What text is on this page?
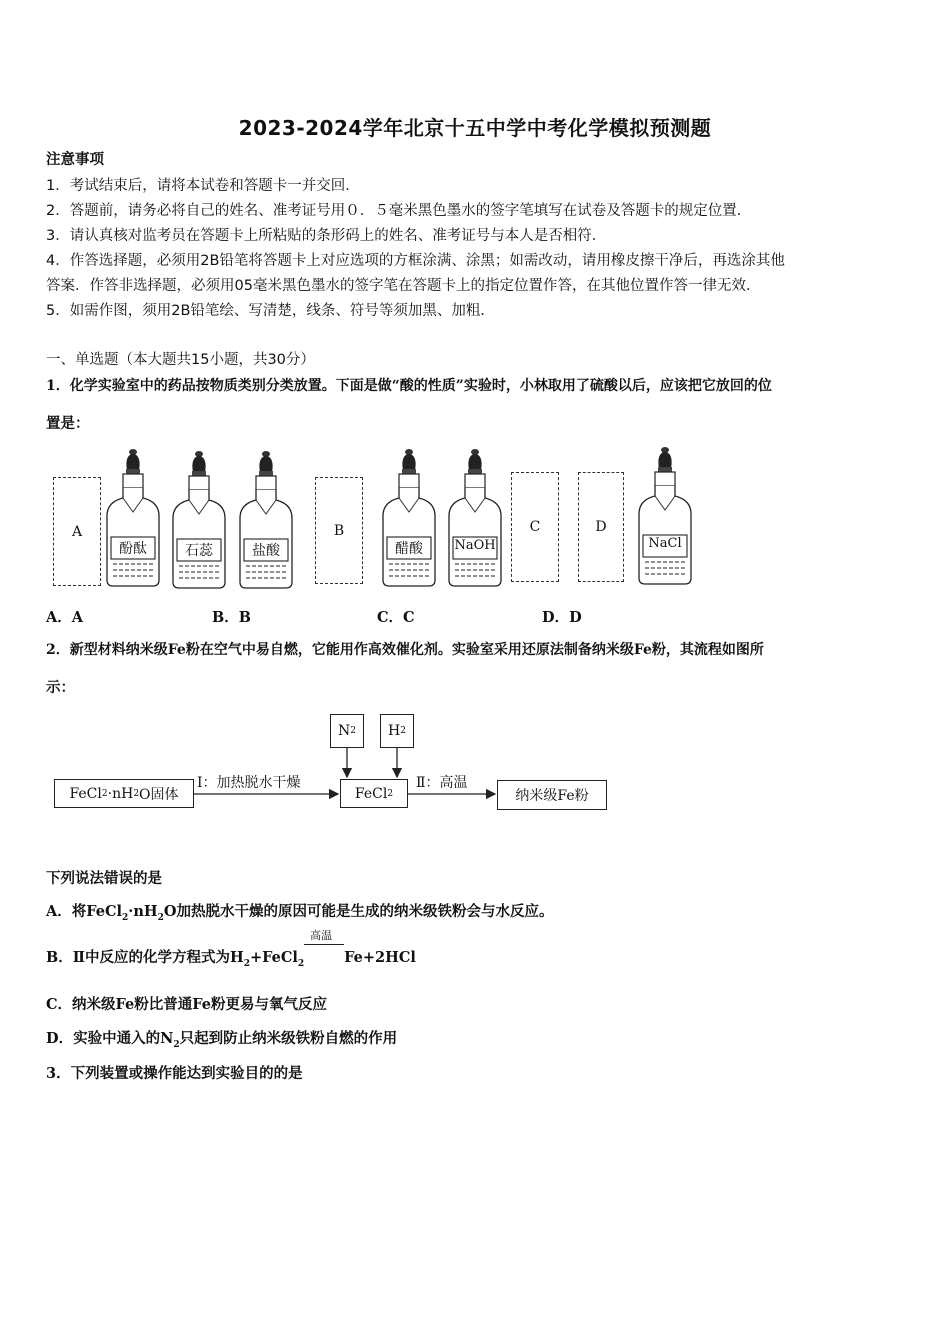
2023-2024学年北京十五中学中考化学模拟预测题
注意事项
1．考试结束后，请将本试卷和答题卡一并交回．
2．答题前，请务必将自己的姓名、准考证号用０．５毫米黑色墨水的签字笔填写在试卷及答题卡的规定位置．
3．请认真核对监考员在答题卡上所粘贴的条形码上的姓名、准考证号与本人是否相符．
4．作答选择题，必须用2B铅笔将答题卡上对应选项的方框涂满、涂黑；如需改动，请用橡皮擦干净后，再选涂其他
答案．作答非选择题，必须用05毫米黑色墨水的签字笔在答题卡上的指定位置作答，在其他位置作答一律无效．
5．如需作图，须用2B铅笔绘、写清楚，线条、符号等须加黑、加粗．
一、单选题（本大题共15小题，共30分）
1．化学实验室中的药品按物质类别分类放置。下面是做“酸的性质”实验时，小林取用了硫酸以后，应该把它放回的位
置是：
A	B	C	D
酚酞	石蕊	盐酸	醋酸	NaOH	NaCl
A．A	B．B	C．C	D．D
2．新型材料纳米级Fe粉在空气中易自燃，它能用作高效催化剂。实验室采用还原法制备纳米级Fe粉，其流程如图所
示：
N 2 H 2
FeCl 2 ·nH 2 O固体
Ⅰ：加热脱水干燥
FeCl 2
Ⅱ：高温
纳米级Fe粉
下列说法错误的是
A．将$FeCl_2\cdot nH_2O$加热脱水干燥的原因可能是生成的纳米级铁粉会与水反应。
B．Ⅱ中反应的化学方程式为$H_2+FeCl_2$
高温
Fe+2HCl
C．纳米级Fe粉比普通Fe粉更易与氧气反应
D．实验中通入的$N_2$只起到防止纳米级铁粉自燃的作用
3．下列装置或操作能达到实验目的的是
